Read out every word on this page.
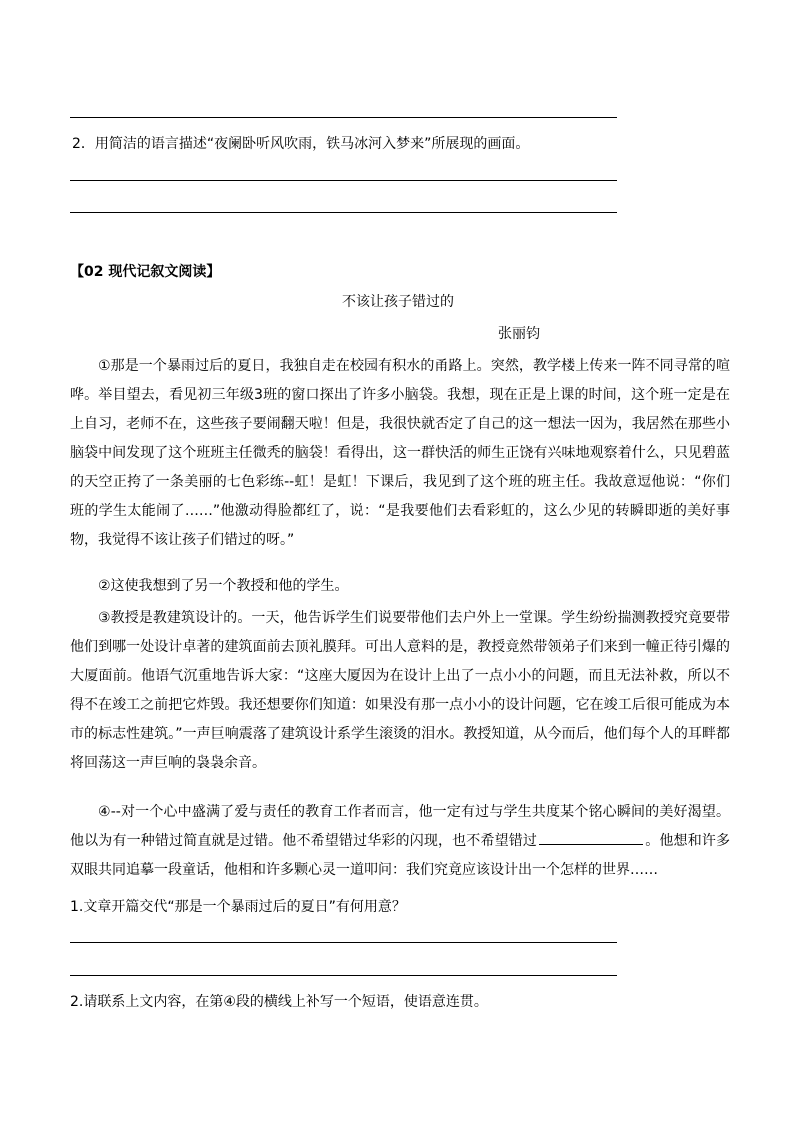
2．用简洁的语言描述“夜阑卧听风吹雨，铁马冰河入梦来”所展现的画面。
【02 现代记叙文阅读】
不该让孩子错过的
张丽钧
①那是一个暴雨过后的夏日，我独自走在校园有积水的甬路上。突然，教学楼上传来一阵不同寻常的喧哗。举目望去，看见初三年级3班的窗口探出了许多小脑袋。我想，现在正是上课的时间，这个班一定是在上自习，老师不在，这些孩子要闹翻天啦！但是，我很快就否定了自己的这一想法一因为，我居然在那些小脑袋中间发现了这个班班主任微秃的脑袋！看得出，这一群快活的师生正饶有兴味地观察着什么，只见碧蓝的天空正挎了一条美丽的七色彩练--虹！是虹！下课后，我见到了这个班的班主任。我故意逗他说：“你们班的学生太能闹了……”他激动得脸都红了，说：“是我要他们去看彩虹的，这么少见的转瞬即逝的美好事物，我觉得不该让孩子们错过的呀。”
②这使我想到了另一个教授和他的学生。
③教授是教建筑设计的。一天，他告诉学生们说要带他们去户外上一堂课。学生纷纷揣测教授究竟要带他们到哪一处设计卓著的建筑面前去顶礼膜拜。可出人意料的是，教授竟然带领弟子们来到一幢正待引爆的大厦面前。他语气沉重地告诉大家：“这座大厦因为在设计上出了一点小小的问题，而且无法补救，所以不得不在竣工之前把它炸毁。我还想要你们知道：如果没有那一点小小的设计问题，它在竣工后很可能成为本市的标志性建筑。”一声巨响震落了建筑设计系学生滚烫的泪水。教授知道，从今而后，他们每个人的耳畔都将回荡这一声巨响的袅袅余音。
④--对一个心中盛满了爱与责任的教育工作者而言，他一定有过与学生共度某个铭心瞬间的美好渴望。他以为有一种错过简直就是过错。他不希望错过华彩的闪现，也不希望错过	。他想和许多双眼共同追摹一段童话，他相和许多颗心灵一道叩问：我们究竟应该设计出一个怎样的世界……
1.文章开篇交代“那是一个暴雨过后的夏日”有何用意？
2.请联系上文内容，在第④段的横线上补写一个短语，使语意连贯。
